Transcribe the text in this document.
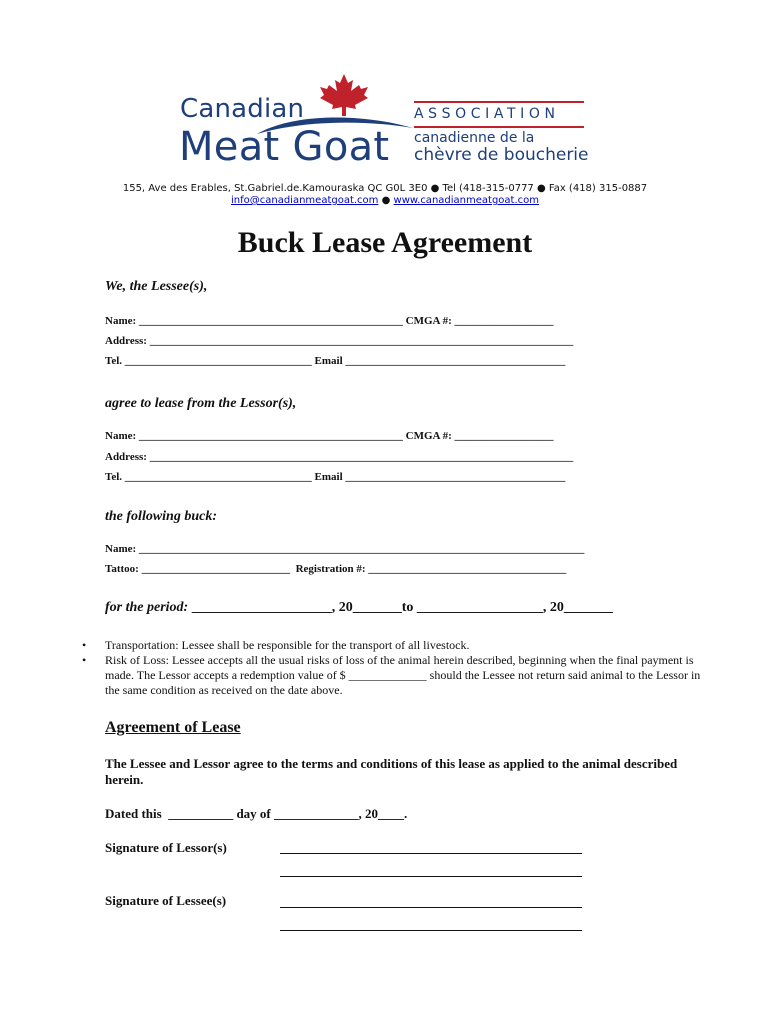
Canadian
Meat Goat
ASSOCIATION
canadienne de la
chèvre de boucherie
155, Ave des Erables, St.Gabriel.de.Kamouraska QC G0L 3E0 ● Tel (418-315-0777 ● Fax (418) 315-0887
info@canadianmeatgoat.com ● www.canadianmeatgoat.com
Buck Lease Agreement
We, the Lessee(s),
Name: ________________________________________________ CMGA #: __________________
Address: _____________________________________________________________________________
Tel. __________________________________ Email ________________________________________
agree to lease from the Lessor(s),
Name: ________________________________________________ CMGA #: __________________
Address: _____________________________________________________________________________
Tel. __________________________________ Email ________________________________________
the following buck:
Name: _________________________________________________________________________________
Tattoo: ___________________________  Registration #: ____________________________________
for the period: ____________________, 20_______to __________________, 20_______
• Transportation: Lessee shall be responsible for the transport of all livestock.
• Risk of Loss: Lessee accepts all the usual risks of loss of the animal herein described, beginning when the final payment is made. The Lessor accepts a redemption value of $ _____________ should the Lessee not return said animal to the Lessor in the same condition as received on the date above.
Agreement of Lease
The Lessee and Lessor agree to the terms and conditions of this lease as applied to the animal described herein.
Dated this  __________ day of _____________, 20____.
Signature of Lessor(s)
Signature of Lessee(s)
